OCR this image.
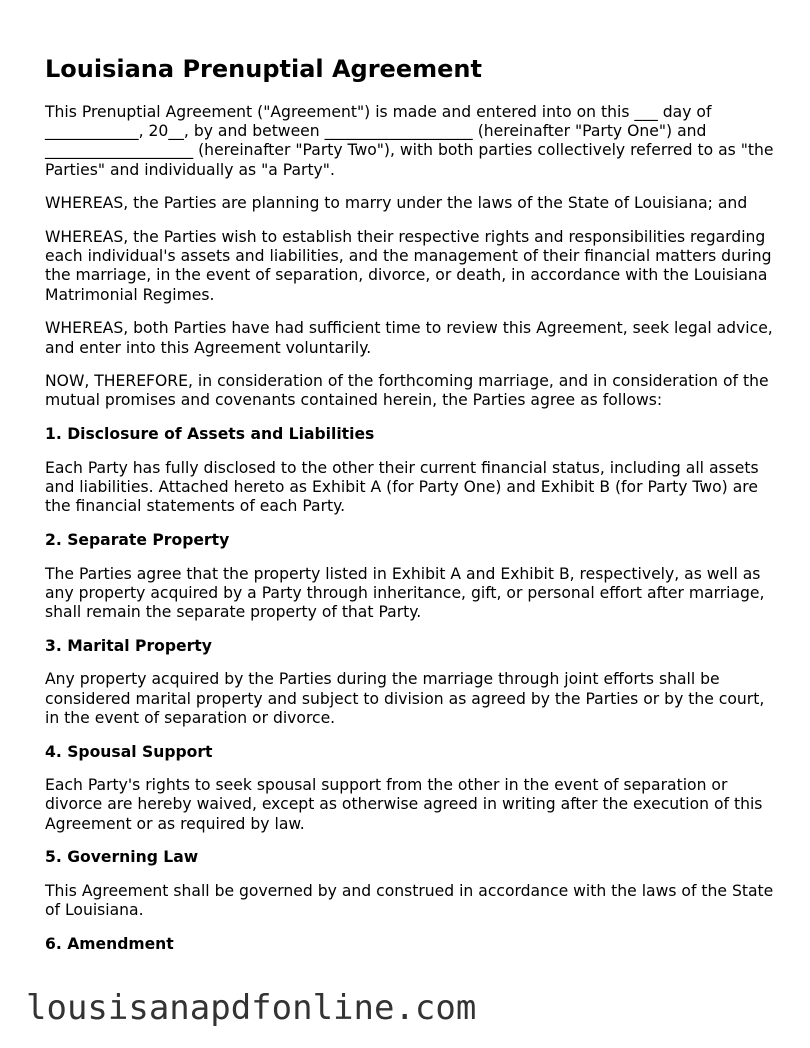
Louisiana Prenuptial Agreement

This Prenuptial Agreement ("Agreement") is made and entered into on this ___ day of ____________, 20__, by and between ___________________ (hereinafter "Party One") and ___________________ (hereinafter "Party Two"), with both parties collectively referred to as "the Parties" and individually as "a Party".

WHEREAS, the Parties are planning to marry under the laws of the State of Louisiana; and

WHEREAS, the Parties wish to establish their respective rights and responsibilities regarding each individual's assets and liabilities, and the management of their financial matters during the marriage, in the event of separation, divorce, or death, in accordance with the Louisiana Matrimonial Regimes.

WHEREAS, both Parties have had sufficient time to review this Agreement, seek legal advice, and enter into this Agreement voluntarily.

NOW, THEREFORE, in consideration of the forthcoming marriage, and in consideration of the mutual promises and covenants contained herein, the Parties agree as follows:

1. Disclosure of Assets and Liabilities

Each Party has fully disclosed to the other their current financial status, including all assets and liabilities. Attached hereto as Exhibit A (for Party One) and Exhibit B (for Party Two) are the financial statements of each Party.

2. Separate Property

The Parties agree that the property listed in Exhibit A and Exhibit B, respectively, as well as any property acquired by a Party through inheritance, gift, or personal effort after marriage, shall remain the separate property of that Party.

3. Marital Property

Any property acquired by the Parties during the marriage through joint efforts shall be considered marital property and subject to division as agreed by the Parties or by the court, in the event of separation or divorce.

4. Spousal Support

Each Party's rights to seek spousal support from the other in the event of separation or divorce are hereby waived, except as otherwise agreed in writing after the execution of this Agreement or as required by law.

5. Governing Law

This Agreement shall be governed by and construed in accordance with the laws of the State of Louisiana.

6. Amendment
lousisanapdfonline.com
